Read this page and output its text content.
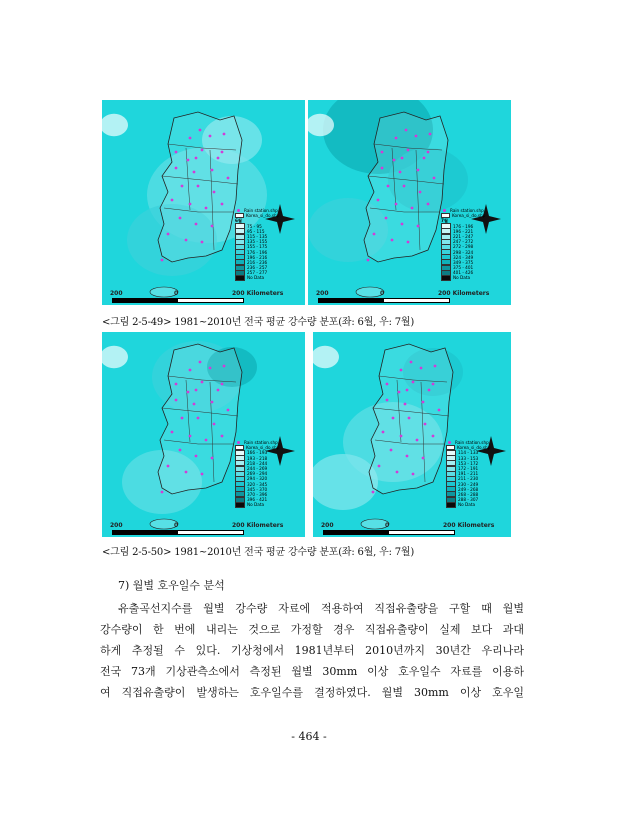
Rain station.shp
Korea_si_do.shp
6월
75 - 95
95 - 115
115 - 135
135 - 155
155 - 175
176 - 196
196 - 216
216 - 236
236 - 257
257 - 277
No Data
200	0	200 Kilometers
Rain station.shp
Korea_si_do.shp
7월
176 - 196
196 - 221
221 - 247
247 - 272
272 - 298
298 - 324
324 - 349
349 - 375
375 - 401
401 - 426
No Data
200	0	200 Kilometers
<그림 2-5-49> 1981~2010년 전국 평균 강수량 분포(좌: 6월, 우: 7월)
Rain station.shp
Korea_si_do.shp
166 - 193
193 - 218
218 - 244
244 - 269
269 - 294
294 - 320
320 - 345
345 - 370
370 - 396
396 - 421
No Data
200	0	200 Kilometers
Rain station.shp
Korea_si_do.shp
114 - 133
133 - 153
153 - 172
172 - 191
191 - 211
211 - 230
230 - 249
249 - 268
268 - 288
288 - 307
No Data
200	0	200 Kilometers
<그림 2-5-50> 1981~2010년 전국 평균 강수량 분포(좌: 6월, 우: 7월)
7) 월별 호우일수 분석
유출곡선지수를 월별 강수량 자료에 적용하여 직접유출량을 구할 때 월별
강수량이 한 번에 내리는 것으로 가정할 경우 직접유출량이 실제 보다 과대
하게 추정될 수 있다. 기상청에서 1981년부터 2010년까지 30년간 우리나라
전국 73개 기상관측소에서 측정된 월별 30mm 이상 호우일수 자료를 이용하
여 직접유출량이 발생하는 호우일수를 결정하였다. 월별 30mm 이상 호우일
- 464 -
